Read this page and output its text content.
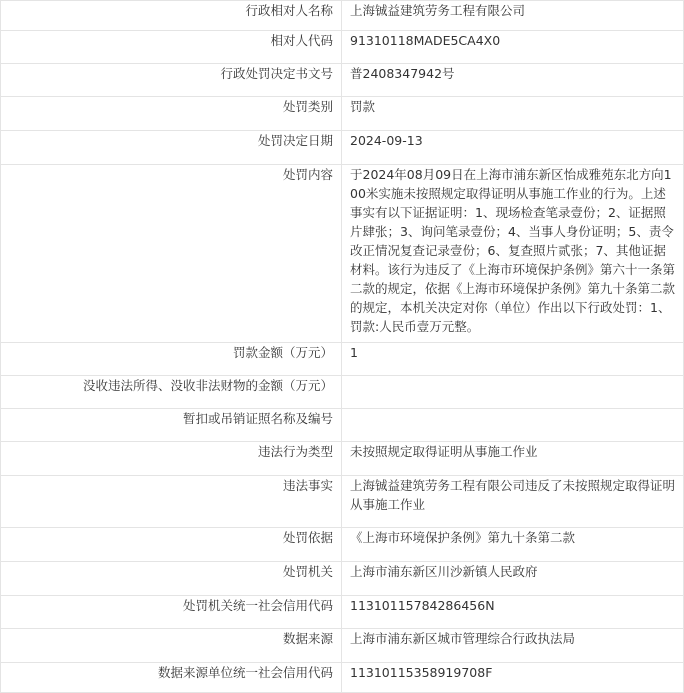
行政相对人名称	上海铖益建筑劳务工程有限公司
相对人代码	91310118MADE5CA4X0
行政处罚决定书文号	普2408347942号
处罚类别	罚款
处罚决定日期	2024-09-13
处罚内容	于2024年08月09日在上海市浦东新区怡成雅苑东北方向100米实施未按照规定取得证明从事施工作业的行为。上述事实有以下证据证明：1、现场检查笔录壹份；2、证据照片肆张；3、询问笔录壹份；4、当事人身份证明；5、责令改正情况复查记录壹份；6、复查照片贰张；7、其他证据材料。该行为违反了《上海市环境保护条例》第六十一条第二款的规定，依据《上海市环境保护条例》第九十条第二款的规定，本机关决定对你（单位）作出以下行政处罚：1、罚款:人民币壹万元整。
罚款金额（万元）	1
没收违法所得、没收非法财物的金额（万元）	
暂扣或吊销证照名称及编号	
违法行为类型	未按照规定取得证明从事施工作业
违法事实	上海铖益建筑劳务工程有限公司违反了未按照规定取得证明从事施工作业
处罚依据	《上海市环境保护条例》第九十条第二款
处罚机关	上海市浦东新区川沙新镇人民政府
处罚机关统一社会信用代码	11310115784286456N
数据来源	上海市浦东新区城市管理综合行政执法局
数据来源单位统一社会信用代码	11310115358919708F
